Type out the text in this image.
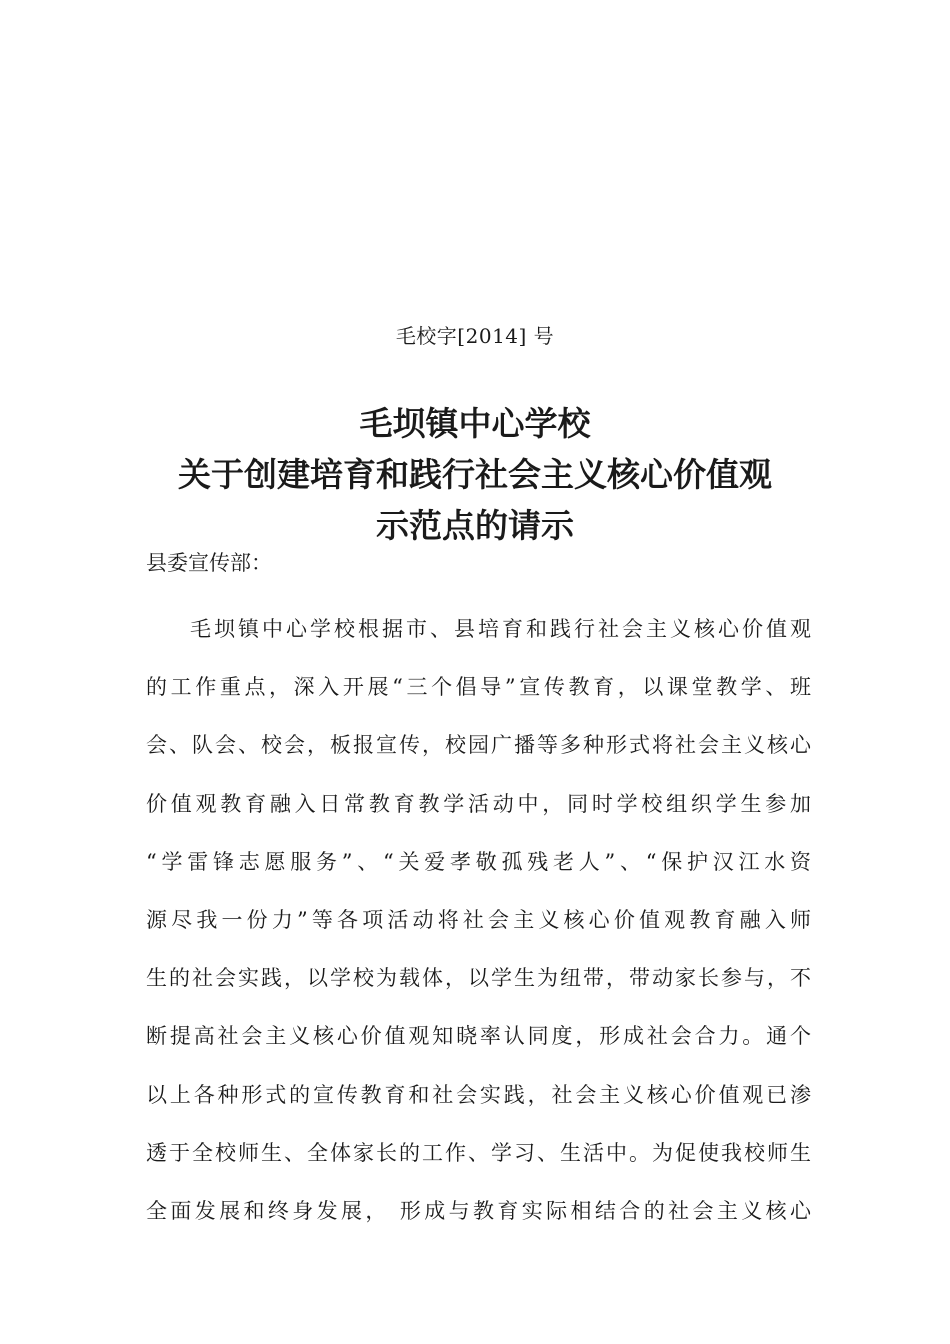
毛校字[2014] 号
毛坝镇中心学校
关于创建培育和践行社会主义核心价值观
示范点的请示
县委宣传部：
毛坝镇中心学校根据市、县培育和践行社会主义核心价值观
的工作重点，深入开展“三个倡导”宣传教育，以课堂教学、班
会、队会、校会，板报宣传，校园广播等多种形式将社会主义核心
价值观教育融入日常教育教学活动中，同时学校组织学生参加
“学雷锋志愿服务”、“关爱孝敬孤残老人”、“保护汉江水资
源尽我一份力”等各项活动将社会主义核心价值观教育融入师
生的社会实践，以学校为载体，以学生为纽带，带动家长参与，不
断提高社会主义核心价值观知晓率认同度，形成社会合力。通个
以上各种形式的宣传教育和社会实践，社会主义核心价值观已渗
透于全校师生、全体家长的工作、学习、生活中。为促使我校师生
全面发展和终身发展， 形成与教育实际相结合的社会主义核心
